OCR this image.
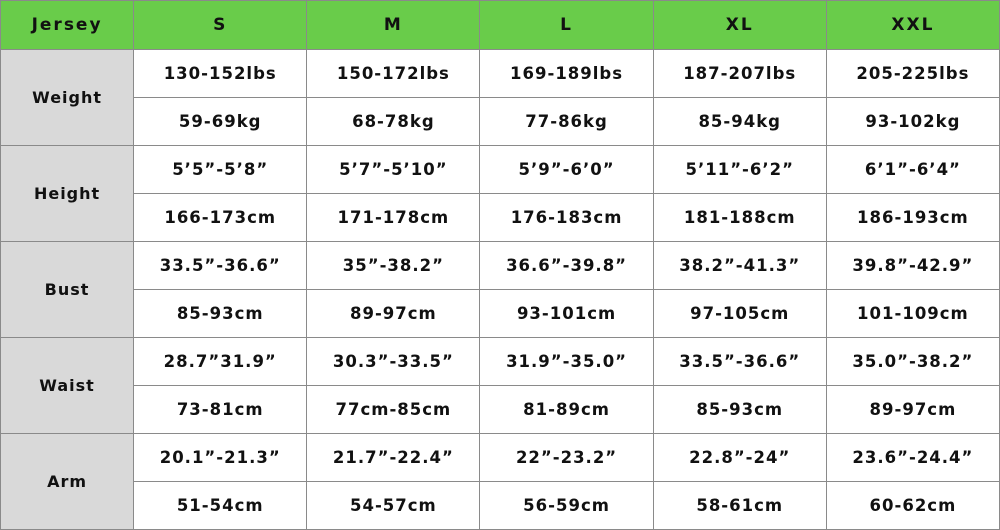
Jersey	S	M	L	XL	XXL
Weight	130-152lbs	150-172lbs	169-189lbs	187-207lbs	205-225lbs
	59-69kg	68-78kg	77-86kg	85-94kg	93-102kg
Height	5’5”-5’8”	5’7”-5’10”	5’9”-6’0”	5’11”-6’2”	6’1”-6’4”
	166-173cm	171-178cm	176-183cm	181-188cm	186-193cm
Bust	33.5”-36.6”	35”-38.2”	36.6”-39.8”	38.2”-41.3”	39.8”-42.9”
	85-93cm	89-97cm	93-101cm	97-105cm	101-109cm
Waist	28.7”31.9”	30.3”-33.5”	31.9”-35.0”	33.5”-36.6”	35.0”-38.2”
	73-81cm	77cm-85cm	81-89cm	85-93cm	89-97cm
Arm	20.1”-21.3”	21.7”-22.4”	22”-23.2”	22.8”-24”	23.6”-24.4”
	51-54cm	54-57cm	56-59cm	58-61cm	60-62cm
